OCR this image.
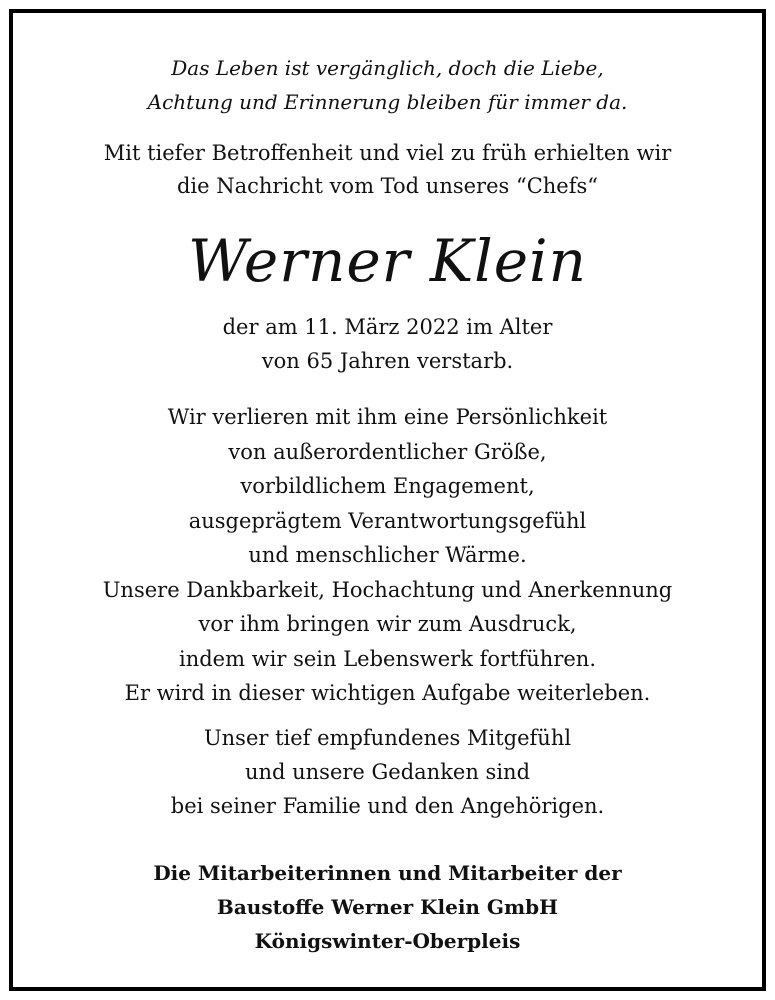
Das Leben ist vergänglich, doch die Liebe,
Achtung und Erinnerung bleiben für immer da.
Mit tiefer Betroffenheit und viel zu früh erhielten wir
die Nachricht vom Tod unseres “Chefs“
Werner Klein
der am 11. März 2022 im Alter
von 65 Jahren verstarb.
Wir verlieren mit ihm eine Persönlichkeit
von außerordentlicher Größe,
vorbildlichem Engagement,
ausgeprägtem Verantwortungsgefühl
und menschlicher Wärme.
Unsere Dankbarkeit, Hochachtung und Anerkennung
vor ihm bringen wir zum Ausdruck,
indem wir sein Lebenswerk fortführen.
Er wird in dieser wichtigen Aufgabe weiterleben.
Unser tief empfundenes Mitgefühl
und unsere Gedanken sind
bei seiner Familie und den Angehörigen.
Die Mitarbeiterinnen und Mitarbeiter der
Baustoffe Werner Klein GmbH
Königswinter-Oberpleis
